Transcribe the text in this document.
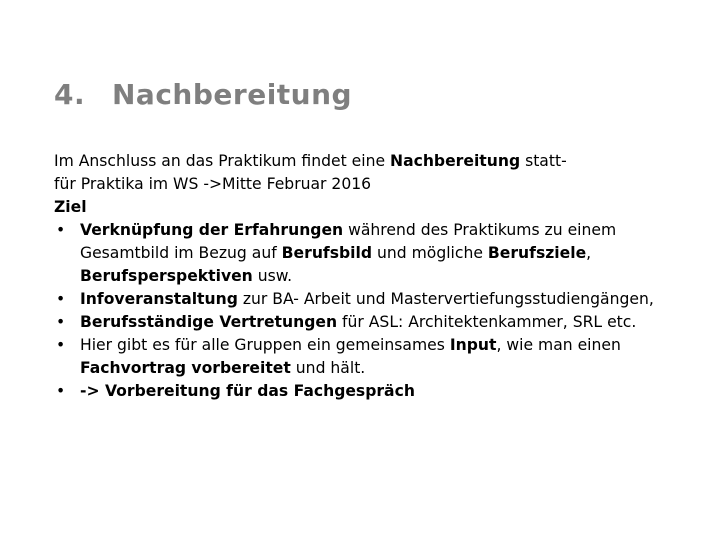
4. Nachbereitung

Im Anschluss an das Praktikum findet eine Nachbereitung statt-
für Praktika im WS ->Mitte Februar 2016

Ziel

• Verknüpfung der Erfahrungen während des Praktikums zu einem Gesamtbild im Bezug auf Berufsbild und mögliche Berufsziele,
Berufsperspektiven usw.
• Infoveranstaltung zur BA- Arbeit und Mastervertiefungsstudiengängen,
• Berufsständige Vertretungen für ASL: Architektenkammer, SRL etc.
• Hier gibt es für alle Gruppen ein gemeinsames Input, wie man einen
Fachvortrag vorbereitet und hält.
• -> Vorbereitung für das Fachgespräch
